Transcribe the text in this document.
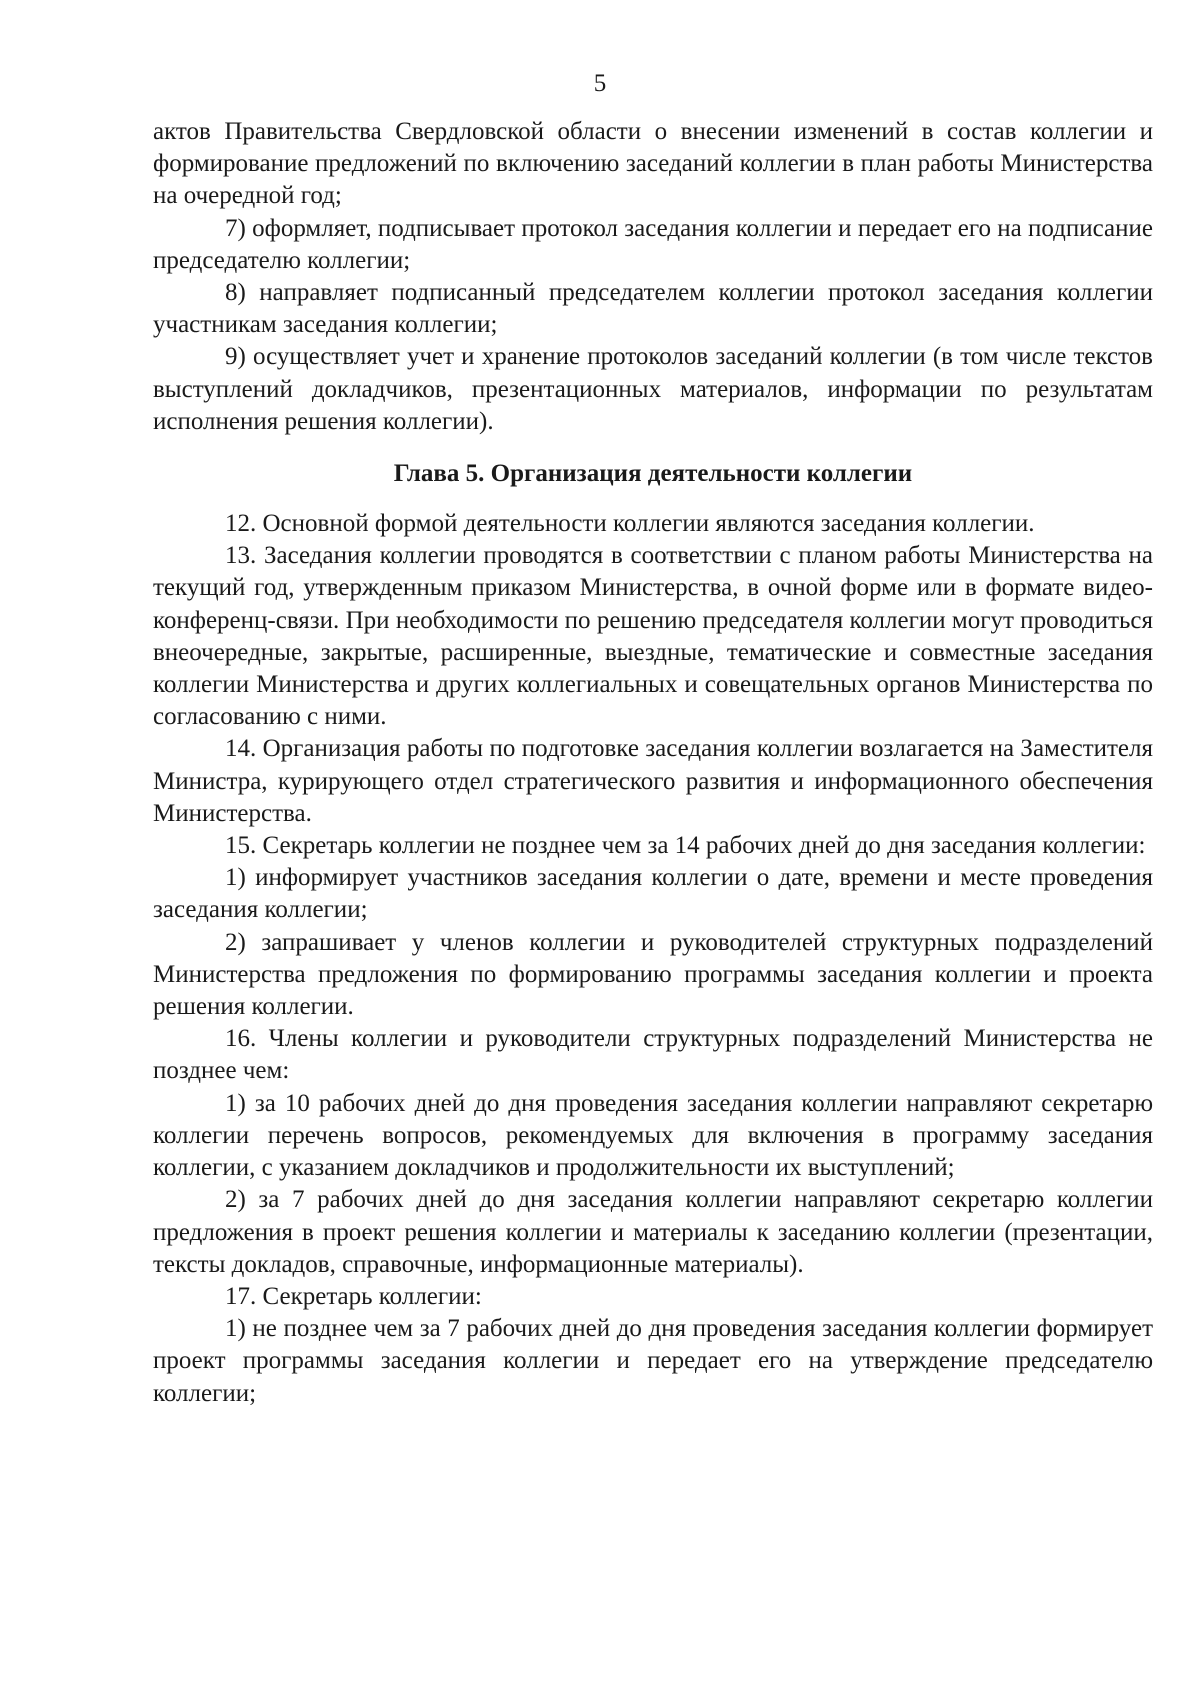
5

актов Правительства Свердловской области о внесении изменений в состав коллегии и формирование предложений по включению заседаний коллегии в план работы Министерства на очередной год;

7) оформляет, подписывает протокол заседания коллегии и передает его на подписание председателю коллегии;

8) направляет подписанный председателем коллегии протокол заседания коллегии участникам заседания коллегии;

9) осуществляет учет и хранение протоколов заседаний коллегии (в том числе текстов выступлений докладчиков, презентационных материалов, информации по результатам исполнения решения коллегии).

Глава 5. Организация деятельности коллегии

12. Основной формой деятельности коллегии являются заседания коллегии.

13. Заседания коллегии проводятся в соответствии с планом работы Министерства на текущий год, утвержденным приказом Министерства, в очной форме или в формате видео-конференц-связи. При необходимости по решению председателя коллегии могут проводиться внеочередные, закрытые, расширенные, выездные, тематические и совместные заседания коллегии Министерства и других коллегиальных и совещательных органов Министерства по согласованию с ними.

14. Организация работы по подготовке заседания коллегии возлагается на Заместителя Министра, курирующего отдел стратегического развития и информационного обеспечения Министерства.

15. Секретарь коллегии не позднее чем за 14 рабочих дней до дня заседания коллегии:

1) информирует участников заседания коллегии о дате, времени и месте проведения заседания коллегии;

2) запрашивает у членов коллегии и руководителей структурных подразделений Министерства предложения по формированию программы заседания коллегии и проекта решения коллегии.

16. Члены коллегии и руководители структурных подразделений Министерства не позднее чем:

1) за 10 рабочих дней до дня проведения заседания коллегии направляют секретарю коллегии перечень вопросов, рекомендуемых для включения в программу заседания коллегии, с указанием докладчиков и продолжительности их выступлений;

2) за 7 рабочих дней до дня заседания коллегии направляют секретарю коллегии предложения в проект решения коллегии и материалы к заседанию коллегии (презентации, тексты докладов, справочные, информационные материалы).

17. Секретарь коллегии:

1) не позднее чем за 7 рабочих дней до дня проведения заседания коллегии формирует проект программы заседания коллегии и передает его на утверждение председателю коллегии;
